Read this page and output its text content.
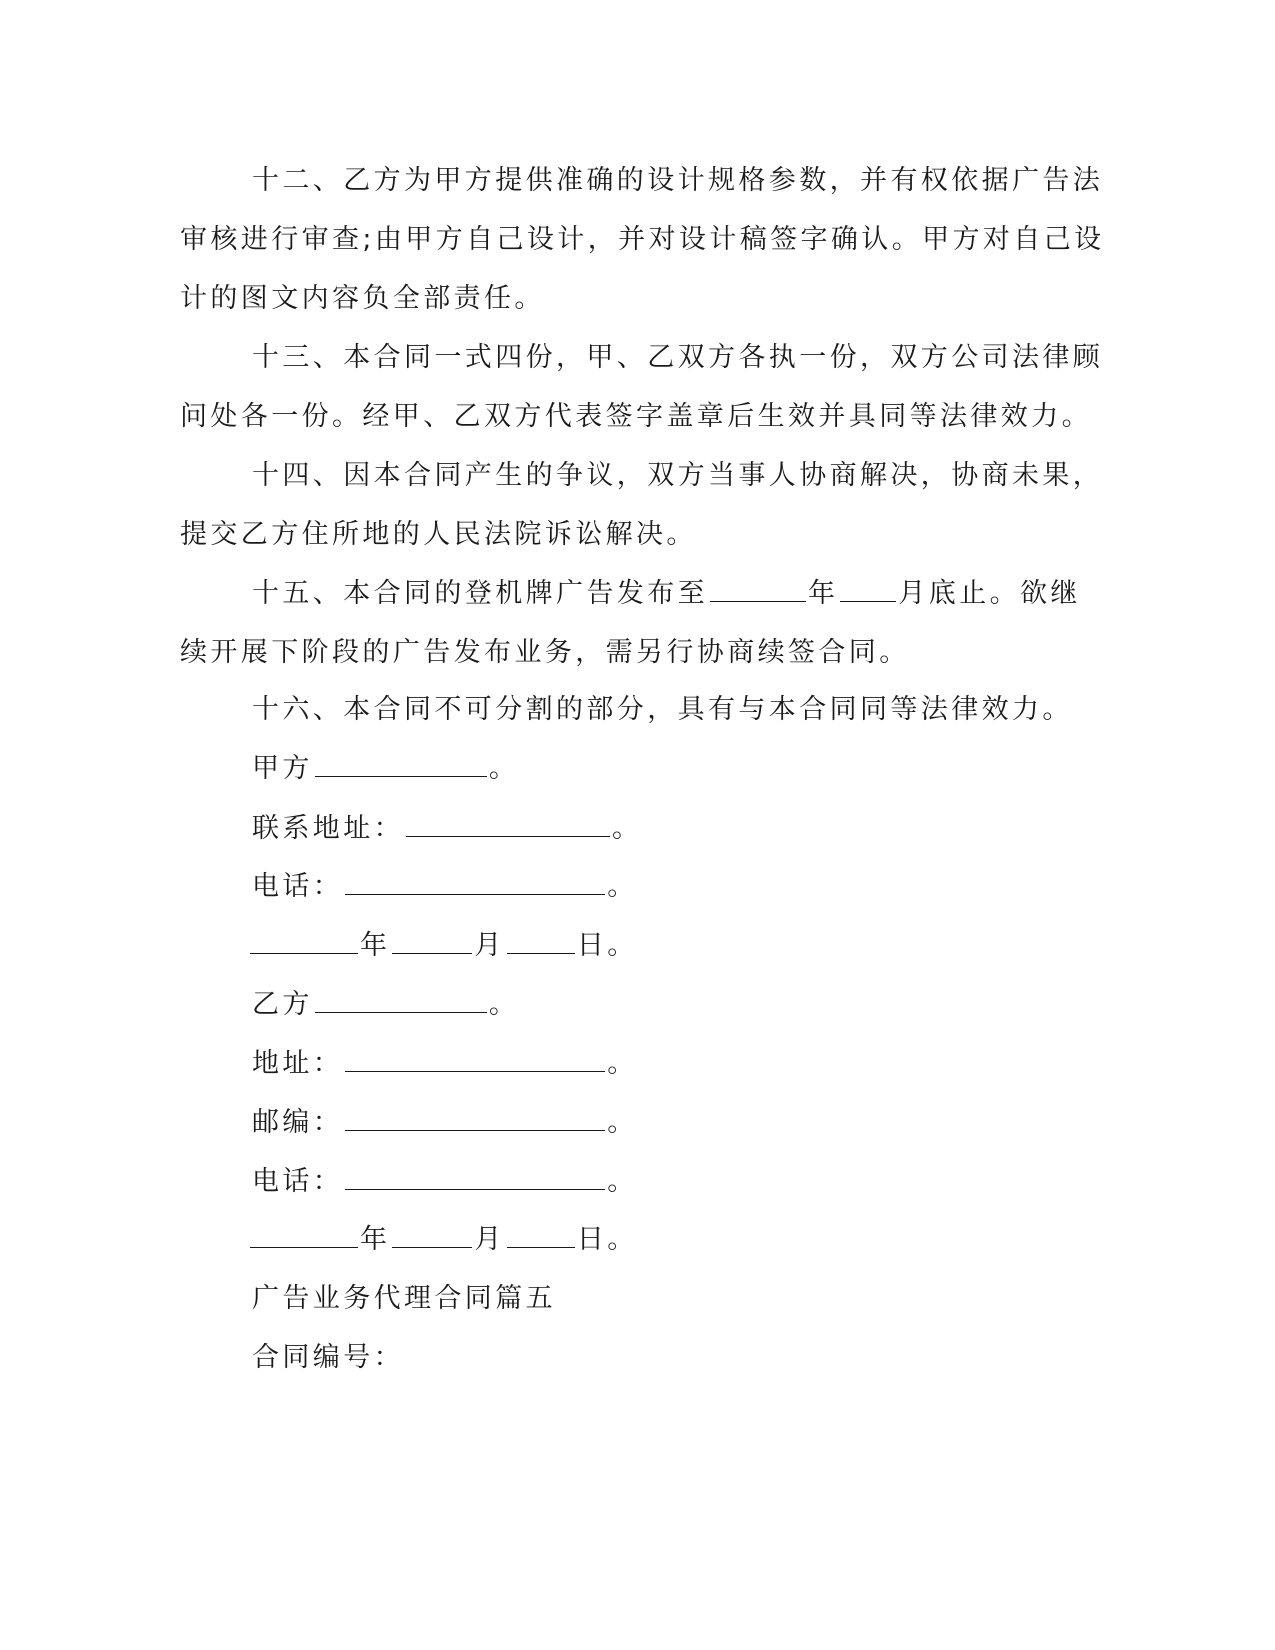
十二、乙方为甲方提供准确的设计规格参数，并有权依据广告法
审核进行审查;由甲方自己设计，并对设计稿签字确认。甲方对自己设
计的图文内容负全部责任。
十三、本合同一式四份，甲、乙双方各执一份，双方公司法律顾
问处各一份。经甲、乙双方代表签字盖章后生效并具同等法律效力。
十四、因本合同产生的争议，双方当事人协商解决，协商未果，
提交乙方住所地的人民法院诉讼解决。
十五、本合同的登机牌广告发布至	年 月底止。欲继
续开展下阶段的广告发布业务，需另行协商续签合同。
十六、本合同不可分割的部分，具有与本合同同等法律效力。
甲方	。
联系地址：	。
电话：	。
年	月	日。
乙方	。
地址：	。
邮编：	。
电话：	。
年	月	日。
广告业务代理合同篇五
合同编号：
